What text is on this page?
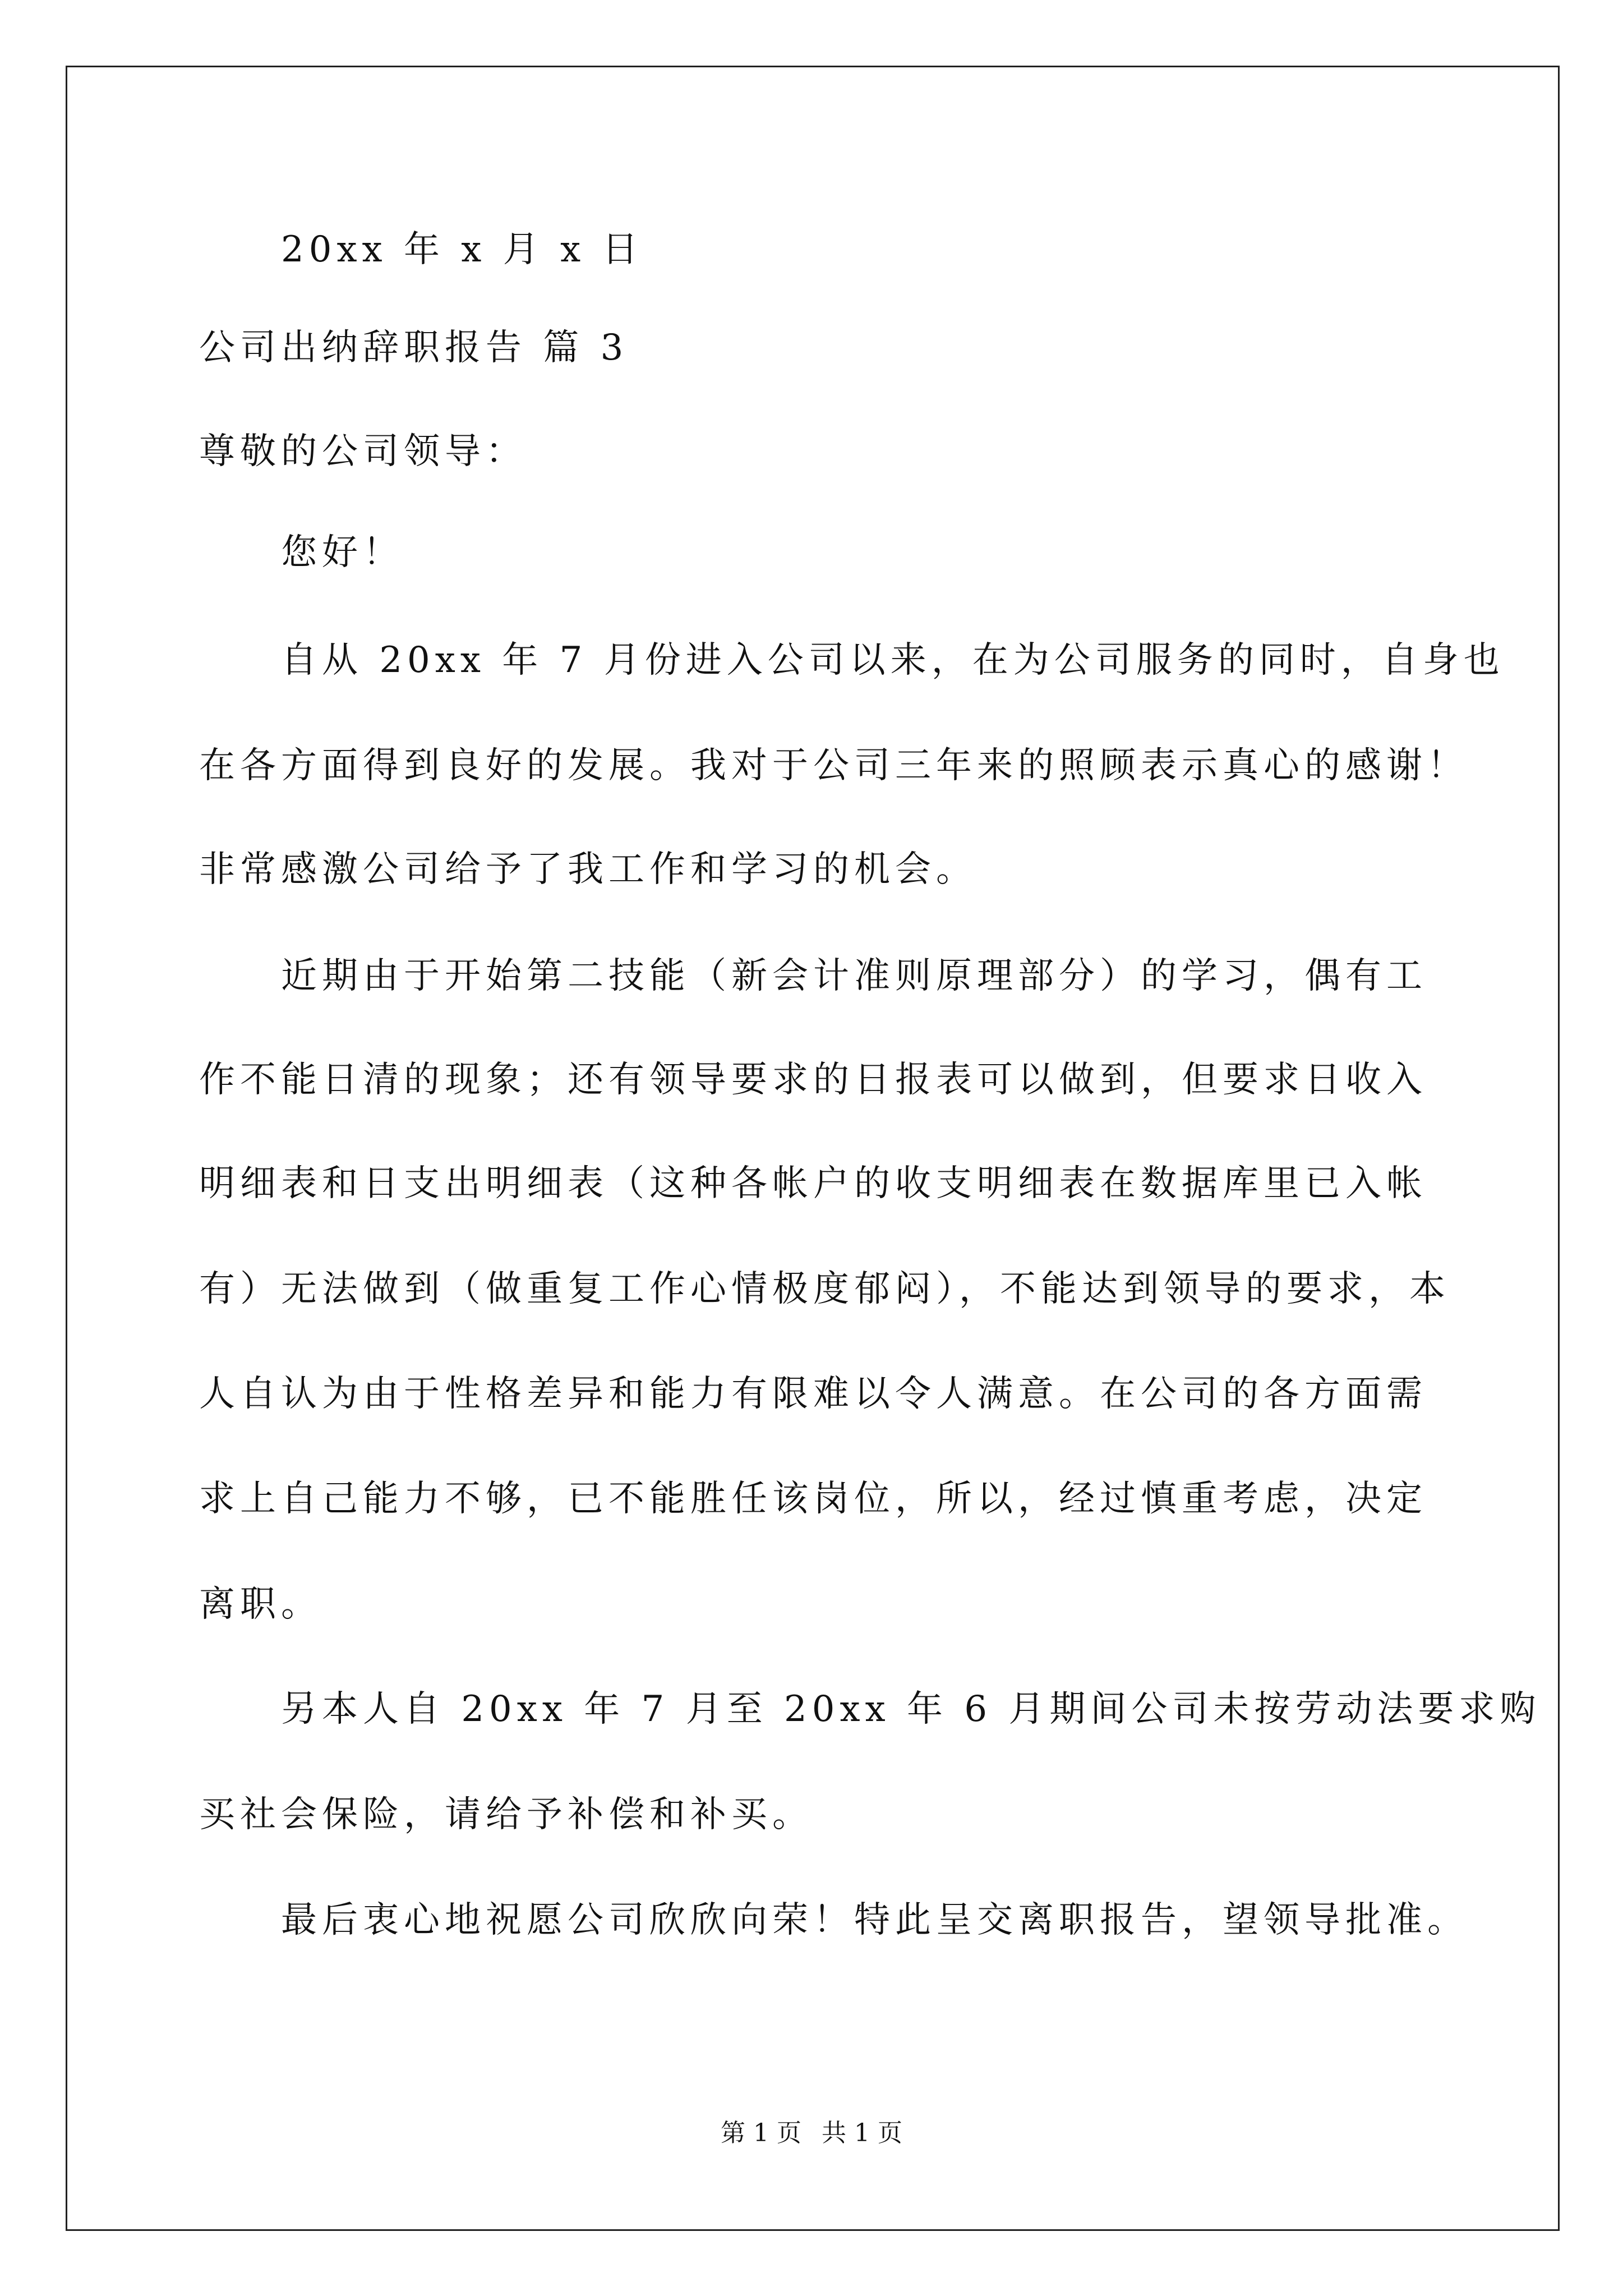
20xx 年 x 月 x 日
公司出纳辞职报告 篇 3
尊敬的公司领导：
您好！
自从 20xx 年 7 月份进入公司以来，在为公司服务的同时，自身也
在各方面得到良好的发展。我对于公司三年来的照顾表示真心的感谢！
非常感激公司给予了我工作和学习的机会。
近期由于开始第二技能（新会计准则原理部分）的学习，偶有工
作不能日清的现象；还有领导要求的日报表可以做到，但要求日收入
明细表和日支出明细表（这种各帐户的收支明细表在数据库里已入帐
有）无法做到（做重复工作心情极度郁闷），不能达到领导的要求，本
人自认为由于性格差异和能力有限难以令人满意。在公司的各方面需
求上自己能力不够，已不能胜任该岗位，所以，经过慎重考虑，决定
离职。
另本人自 20xx 年 7 月至 20xx 年 6 月期间公司未按劳动法要求购
买社会保险，请给予补偿和补买。
最后衷心地祝愿公司欣欣向荣！特此呈交离职报告，望领导批准。
第 1 页 共 1 页
